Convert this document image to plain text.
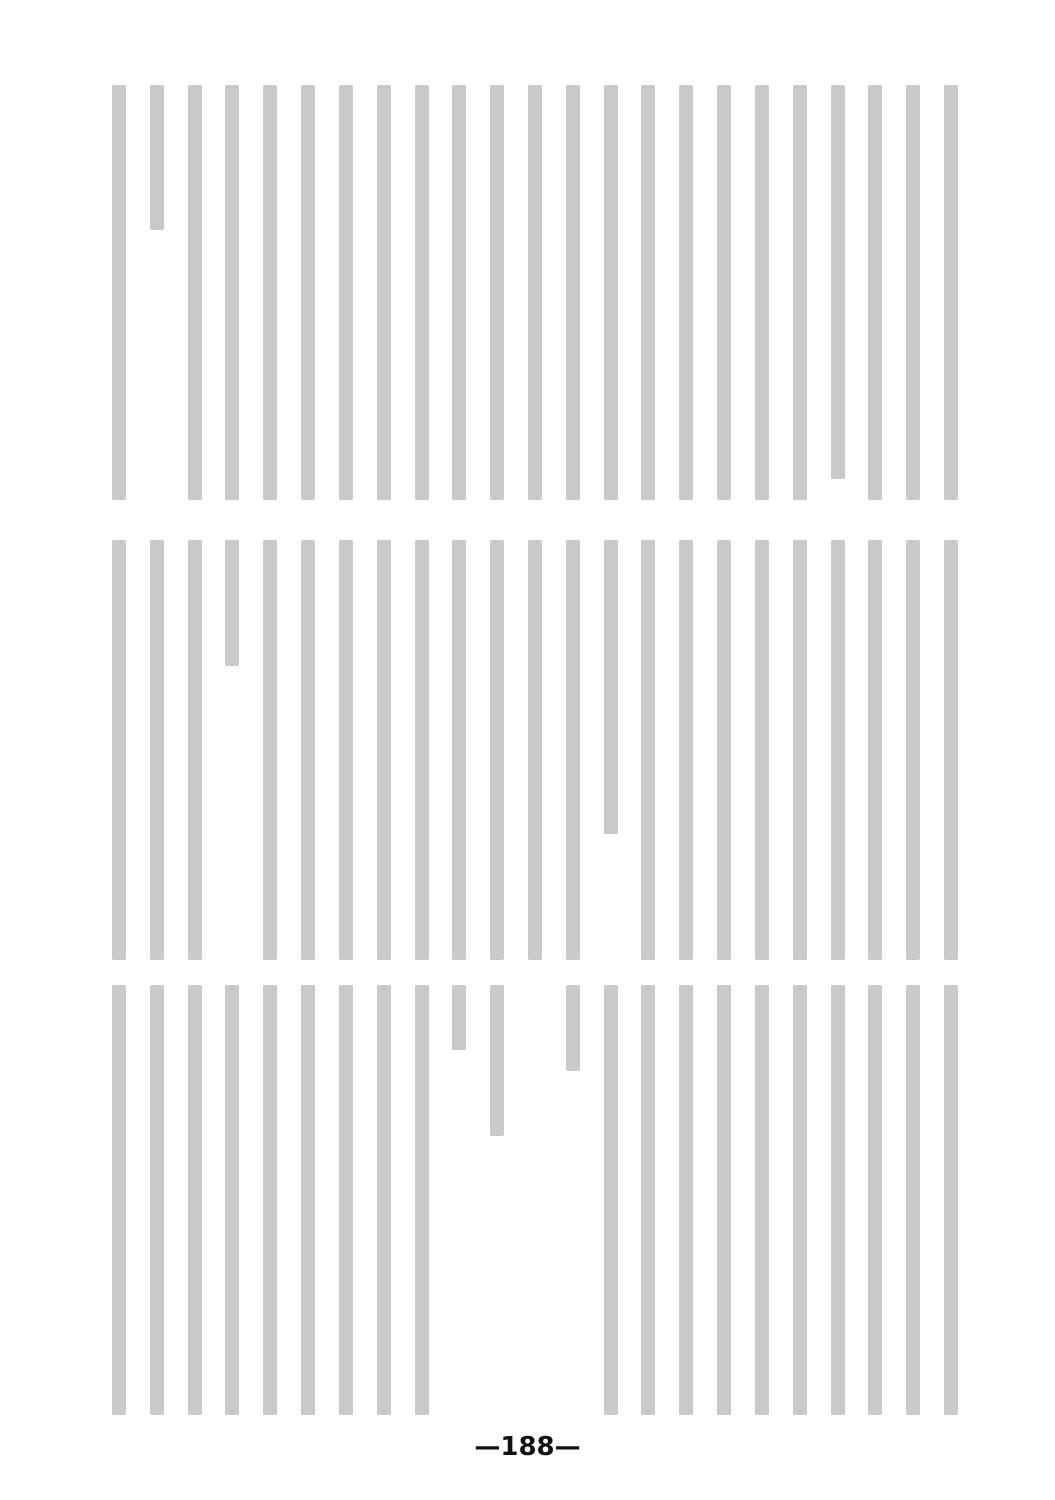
—188—
